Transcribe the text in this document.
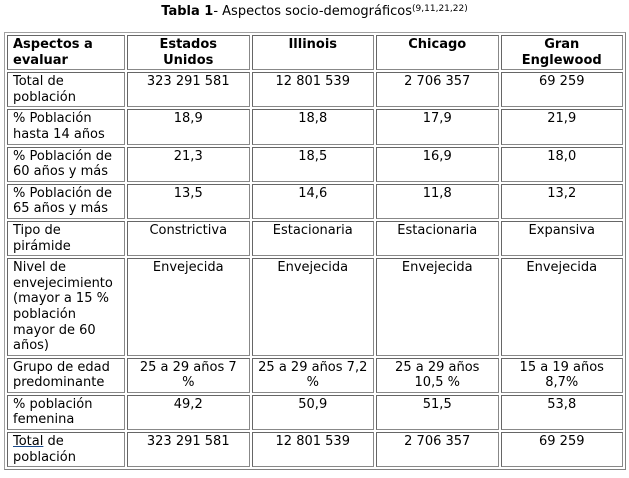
Tabla 1- Aspectos socio-demográficos$^{(9,11,21,22)}$
Aspectos a evaluar	Estados Unidos	Illinois	Chicago	Gran Englewood
Total de población	323 291 581	12 801 539	2 706 357	69 259
% Población hasta 14 años	18,9	18,8	17,9	21,9
% Población de 60 años y más	21,3	18,5	16,9	18,0
% Población de 65 años y más	13,5	14,6	11,8	13,2
Tipo de pirámide	Constrictiva	Estacionaria	Estacionaria	Expansiva
Nivel de envejecimiento (mayor a 15 % población mayor de 60 años)	Envejecida	Envejecida	Envejecida	Envejecida
Grupo de edad predominante	25 a 29 años 7 %	25 a 29 años 7,2 %	25 a 29 años 10,5 %	15 a 19 años 8,7%
% población femenina	49,2	50,9	51,5	53,8
Total de población	323 291 581	12 801 539	2 706 357	69 259
